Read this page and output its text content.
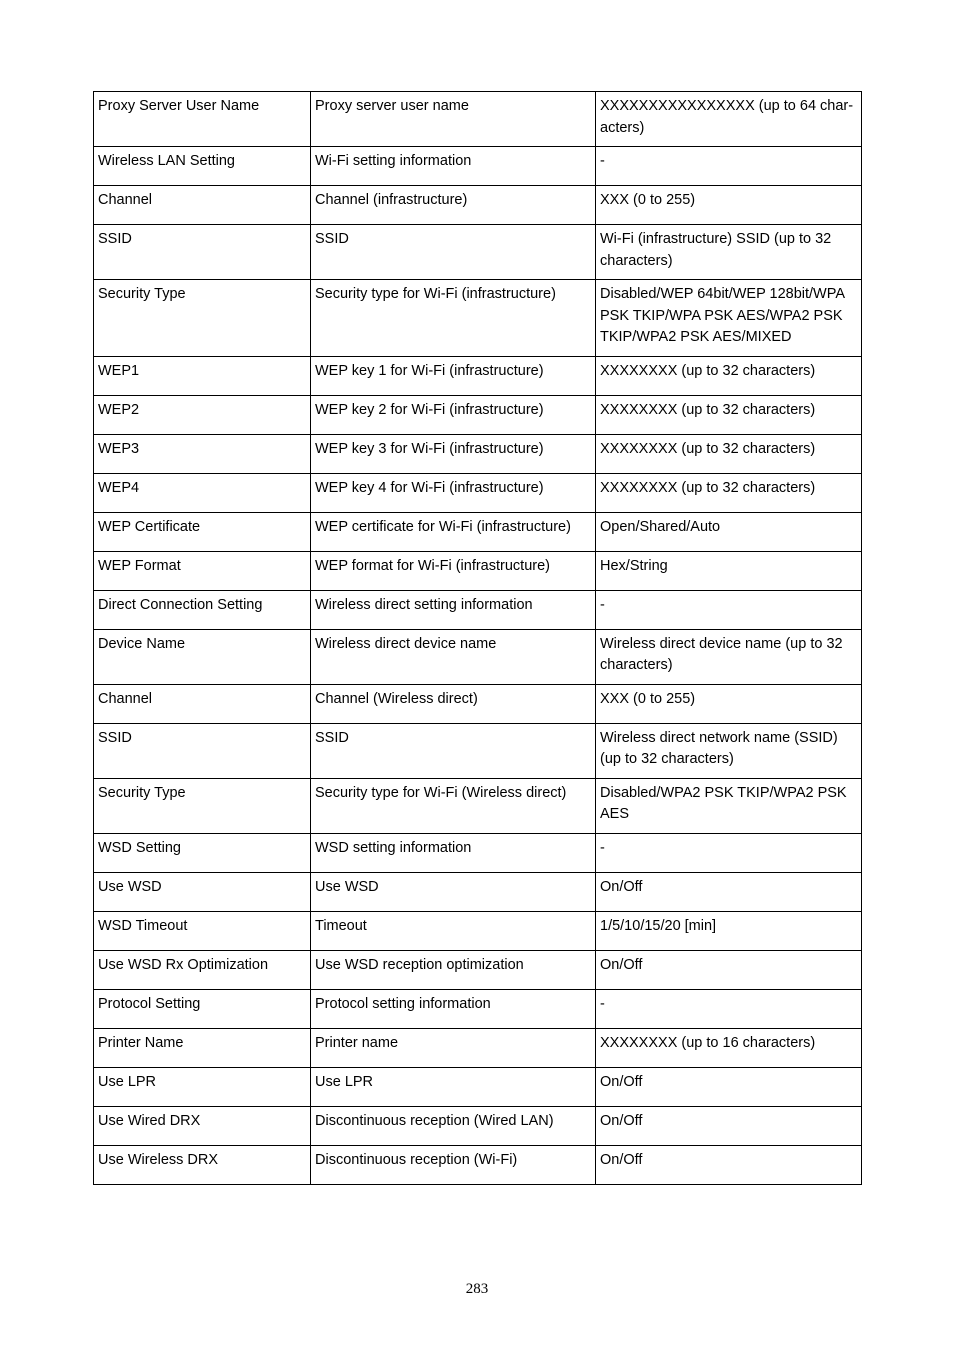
Proxy Server User Name	Proxy server user name	XXXXXXXXXXXXXXXX (up to 64 char-acters)

Wireless LAN Setting	Wi-Fi setting information	-

Channel	Channel (infrastructure)	XXX (0 to 255)

SSID	SSID	Wi-Fi (infrastructure) SSID (up to 32 characters)

Security Type	Security type for Wi-Fi (infrastructure)	Disabled/WEP 64bit/WEP 128bit/WPA PSK TKIP/WPA PSK AES/WPA2 PSK TKIP/WPA2 PSK AES/MIXED

WEP1	WEP key 1 for Wi-Fi (infrastructure)	XXXXXXXX (up to 32 characters)

WEP2	WEP key 2 for Wi-Fi (infrastructure)	XXXXXXXX (up to 32 characters)

WEP3	WEP key 3 for Wi-Fi (infrastructure)	XXXXXXXX (up to 32 characters)

WEP4	WEP key 4 for Wi-Fi (infrastructure)	XXXXXXXX (up to 32 characters)

WEP Certificate	WEP certificate for Wi-Fi (infrastructure)	Open/Shared/Auto

WEP Format	WEP format for Wi-Fi (infrastructure)	Hex/String

Direct Connection Setting	Wireless direct setting information	-

Device Name	Wireless direct device name	Wireless direct device name (up to 32 characters)

Channel	Channel (Wireless direct)	XXX (0 to 255)

SSID	SSID	Wireless direct network name (SSID) (up to 32 characters)

Security Type	Security type for Wi-Fi (Wireless direct)	Disabled/WPA2 PSK TKIP/WPA2 PSK AES

WSD Setting	WSD setting information	-

Use WSD	Use WSD	On/Off

WSD Timeout	Timeout	1/5/10/15/20 [min]

Use WSD Rx Optimization	Use WSD reception optimization	On/Off

Protocol Setting	Protocol setting information	-

Printer Name	Printer name	XXXXXXXX (up to 16 characters)

Use LPR	Use LPR	On/Off

Use Wired DRX	Discontinuous reception (Wired LAN)	On/Off

Use Wireless DRX	Discontinuous reception (Wi-Fi)	On/Off

283
